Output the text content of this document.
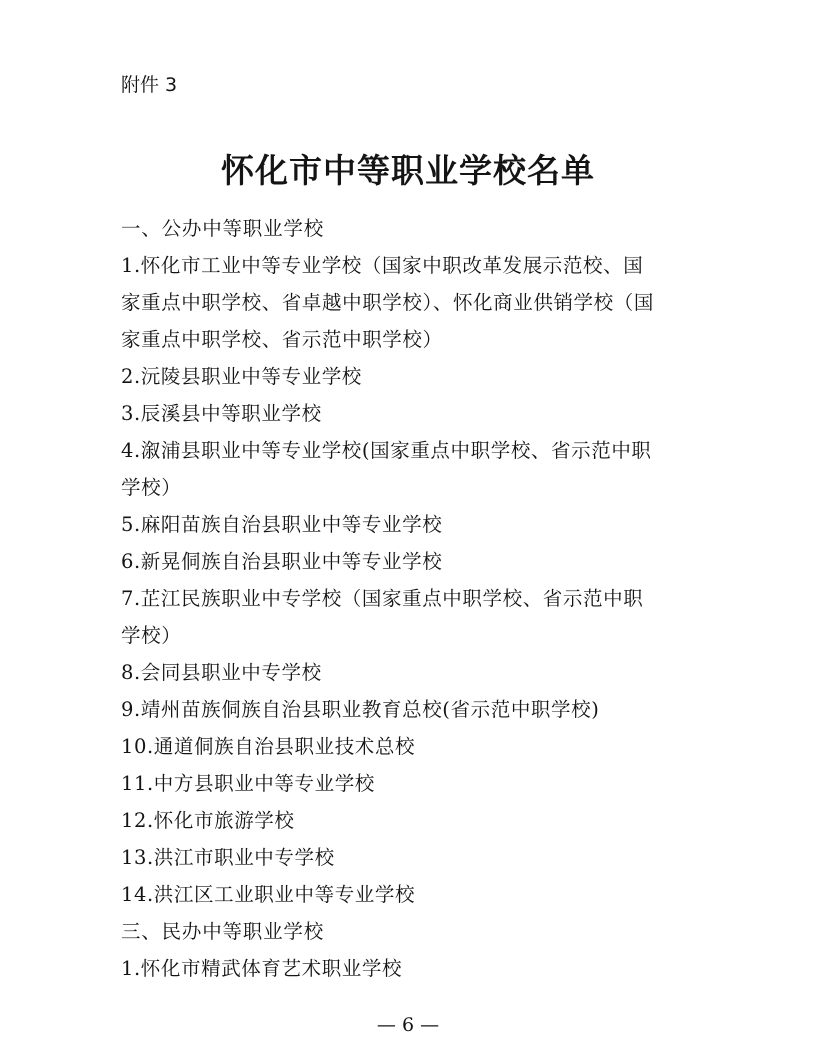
附件 3
怀化市中等职业学校名单
一、公办中等职业学校
1.怀化市工业中等专业学校（国家中职改革发展示范校、国
家重点中职学校、省卓越中职学校）、怀化商业供销学校（国
家重点中职学校、省示范中职学校）
2.沅陵县职业中等专业学校
3.辰溪县中等职业学校
4.溆浦县职业中等专业学校(国家重点中职学校、省示范中职
学校）
5.麻阳苗族自治县职业中等专业学校
6.新晃侗族自治县职业中等专业学校
7.芷江民族职业中专学校（国家重点中职学校、省示范中职
学校）
8.会同县职业中专学校
9.靖州苗族侗族自治县职业教育总校(省示范中职学校)
10.通道侗族自治县职业技术总校
11.中方县职业中等专业学校
12.怀化市旅游学校
13.洪江市职业中专学校
14.洪江区工业职业中等专业学校
三、民办中等职业学校
1.怀化市精武体育艺术职业学校
— 6 —
